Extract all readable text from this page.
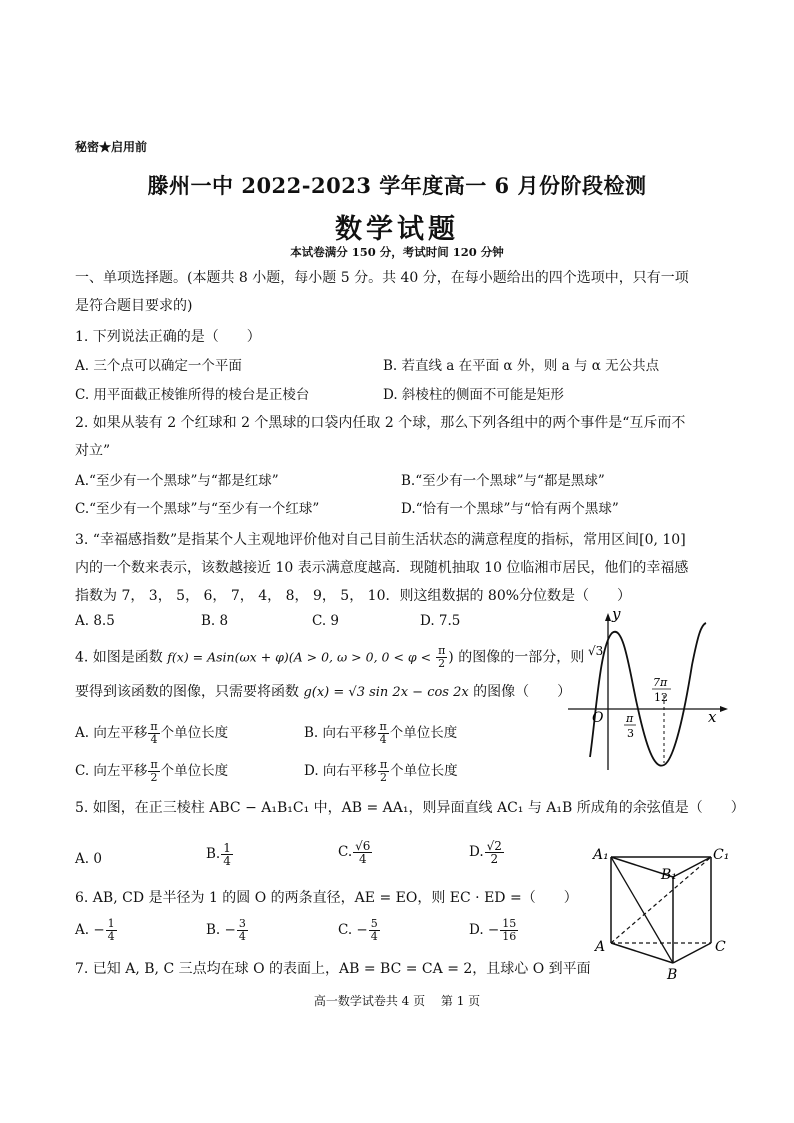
秘密★启用前
滕州一中 2022-2023 学年度高一 6 月份阶段检测
数学试题
本试卷满分 150 分，考试时间 120 分钟
一、单项选择题。(本题共 8 小题，每小题 5 分。共 40 分，在每小题给出的四个选项中，只有一项
是符合题目要求的)
1. 下列说法正确的是（　　）
A. 三个点可以确定一个平面	B. 若直线 a 在平面 α 外，则 a 与 α 无公共点
C. 用平面截正棱锥所得的棱台是正棱台	D. 斜棱柱的侧面不可能是矩形
2. 如果从装有 2 个红球和 2 个黑球的口袋内任取 2 个球，那么下列各组中的两个事件是“互斥而不
对立”
A.“至少有一个黑球”与“都是红球”	B.“至少有一个黑球”与“都是黑球”
C.“至少有一个黑球”与“至少有一个红球”	D.“恰有一个黑球”与“恰有两个黑球”
3. “幸福感指数”是指某个人主观地评价他对自己目前生活状态的满意程度的指标，常用区间[0, 10]
内的一个数来表示，该数越接近 10 表示满意度越高．现随机抽取 10 位临湘市居民，他们的幸福感
指数为 7， 3， 5， 6， 7， 4， 8， 9， 5， 10．则这组数据的 80%分位数是（　　）
A. 8.5	B. 8	C. 9	D. 7.5
4. 如图是函数 f(x) = Asin(ωx + φ)(A > 0, ω > 0, $0 < \varphi < \frac{\pi}{2}$ ) 的图像的一部分，则
要得到该函数的图像，只需要将函数 g(x) = √3 sin 2x − cos 2x 的图像（　　）
A. 向左平移 $\frac{\pi}{4}$ 个单位长度	B. 向右平移 $\frac{\pi}{4}$ 个单位长度
C. 向左平移 $\frac{\pi}{2}$ 个单位长度	D. 向右平移 $\frac{\pi}{2}$ 个单位长度
y
x
O
√3
π
3
7π
12
5. 如图，在正三棱柱 ABC − A₁B₁C₁ 中，AB = AA₁，则异面直线 AC₁ 与 A₁B 所成角的余弦值是（　　）
A. 0	B. $\frac{1}{4}$	C. $\frac{√6}{4}$	D. $\frac{√2}{2}$	A₁	C₁
B₁
A	C
B
6. AB, CD 是半径为 1 的圆 O 的两条直径，AE = EO，则 EC · ED =（　　）
A. − $\frac{1}{4}$	B. − $\frac{3}{4}$	C. − $\frac{5}{4}$	D. − $\frac{15}{16}$
7. 已知 A, B, C 三点均在球 O 的表面上，AB = BC = CA = 2，且球心 O 到平面
高一数学试卷共 4 页　 第 1 页
